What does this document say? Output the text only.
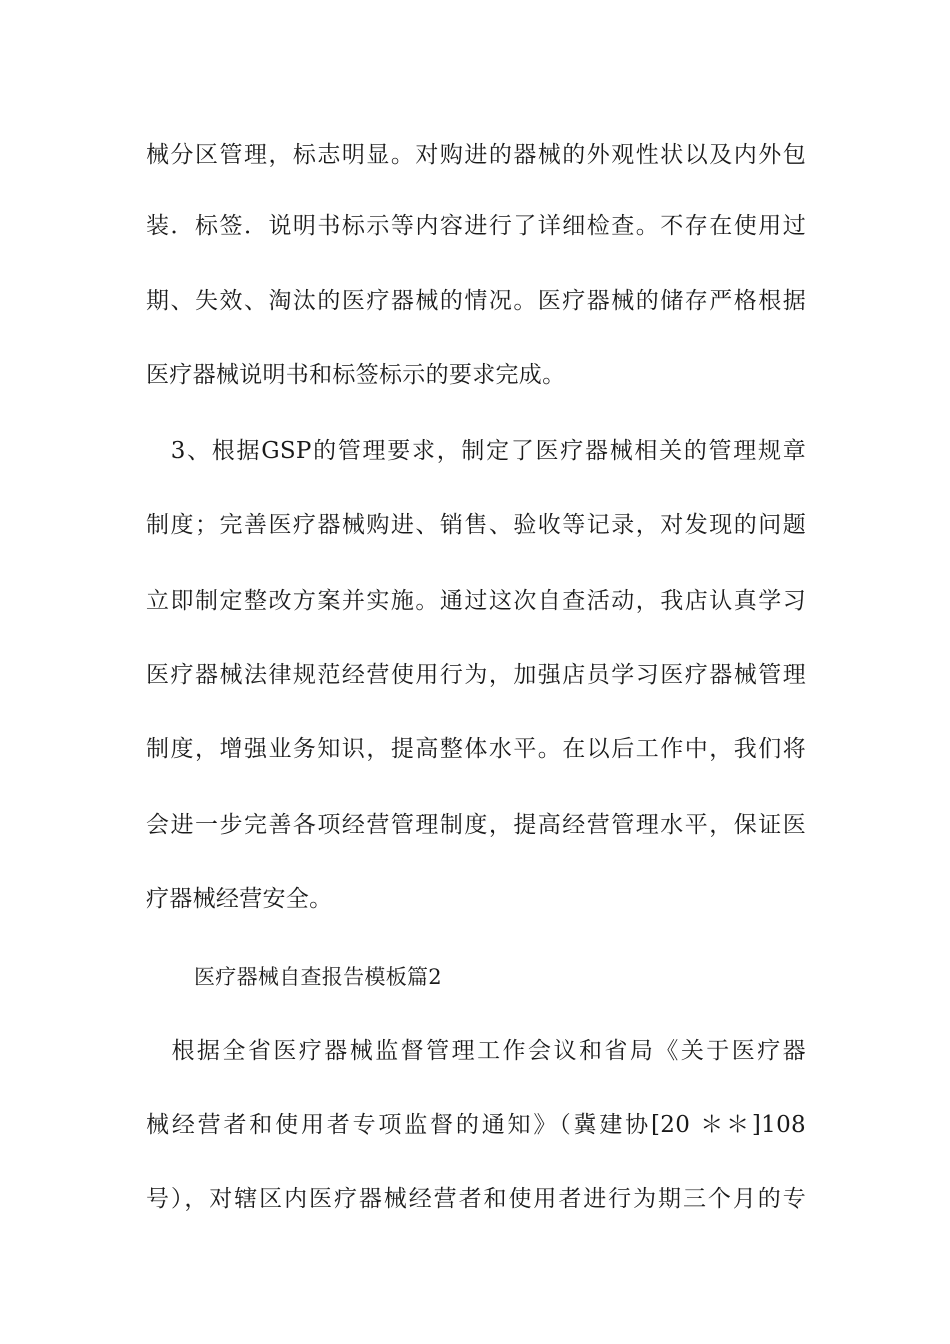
械分区管理，标志明显。对购进的器械的外观性状以及内外包
装．标签．说明书标示等内容进行了详细检查。不存在使用过
期、失效、淘汰的医疗器械的情况。医疗器械的储存严格根据
医疗器械说明书和标签标示的要求完成。
　3、根据GSP的管理要求，制定了医疗器械相关的管理规章
制度；完善医疗器械购进、销售、验收等记录，对发现的问题
立即制定整改方案并实施。通过这次自查活动，我店认真学习
医疗器械法律规范经营使用行为，加强店员学习医疗器械管理
制度，增强业务知识，提高整体水平。在以后工作中，我们将
会进一步完善各项经营管理制度，提高经营管理水平，保证医
疗器械经营安全。
医疗器械自查报告模板篇2
　根据全省医疗器械监督管理工作会议和省局《关于医疗器
械经营者和使用者专项监督的通知》（冀建协[20 ＊＊]108
号），对辖区内医疗器械经营者和使用者进行为期三个月的专
